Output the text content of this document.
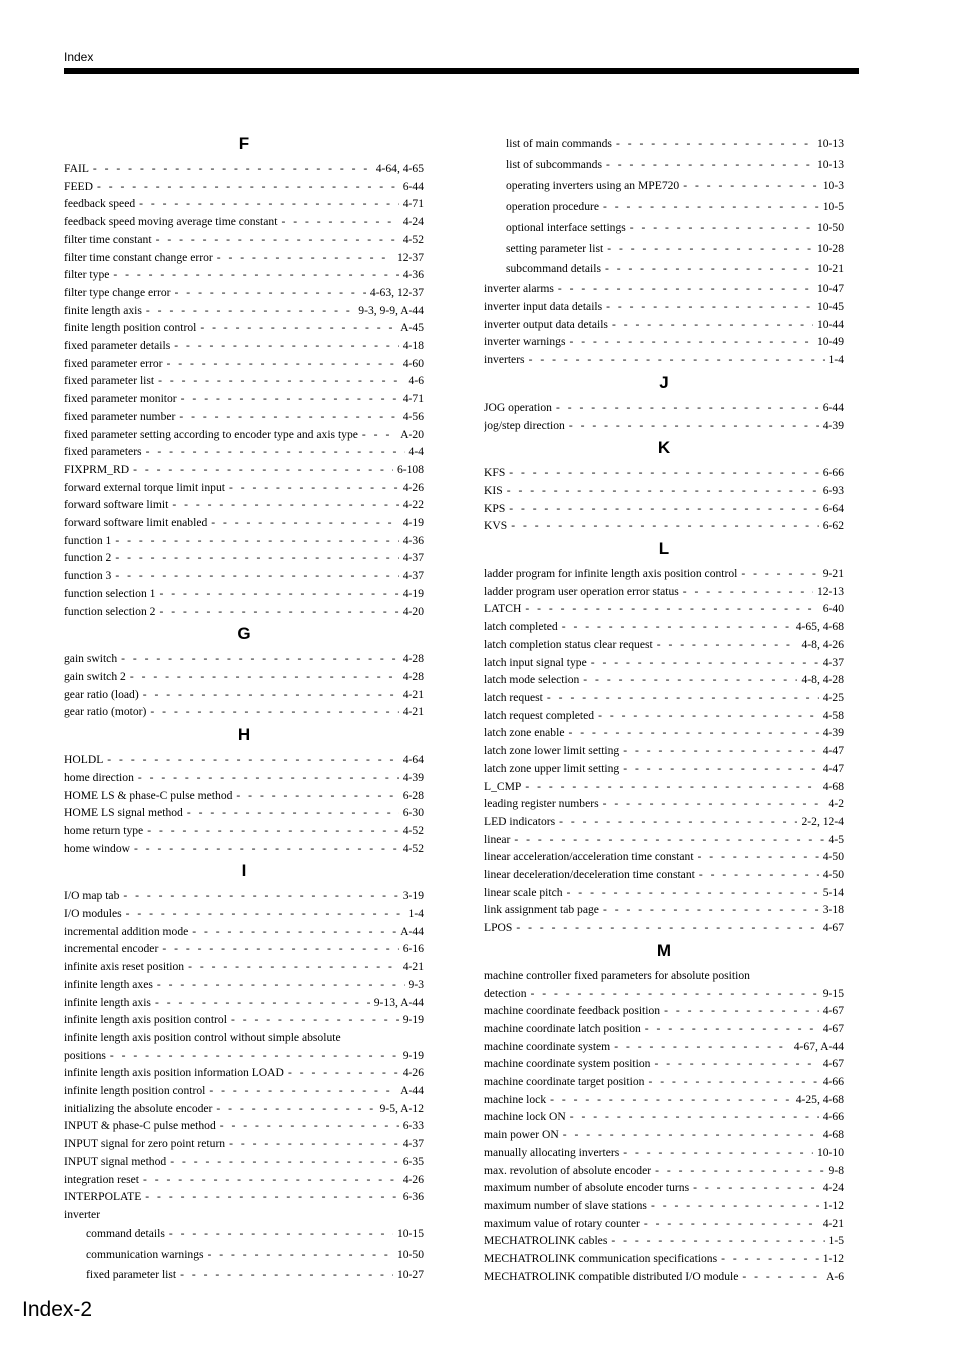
Index
F
FAIL - - -	4-64, 4-65
FEED - - -	6-44
feedback speed - - -	4-71
feedback speed moving average time constant - - -	4-24
filter time constant - - -	4-52
filter time constant change error - - -	12-37
filter type - - -	4-36
filter type change error - - -	4-63, 12-37
finite length axis - - -	9-3, 9-9, A-44
finite length position control - - -	A-45
fixed parameter details - - -	4-18
fixed parameter error - - -	4-60
fixed parameter list - - -	4-6
fixed parameter monitor - - -	4-71
fixed parameter number - - -	4-56
fixed parameter setting according to encoder type and axis type - - -	A-20
fixed parameters - - -	4-4
FIXPRM_RD - - -	6-108
forward external torque limit input - - -	4-26
forward software limit - - -	4-22
forward software limit enabled - - -	4-19
function 1 - - -	4-36
function 2 - - -	4-37
function 3 - - -	4-37
function selection 1 - - -	4-19
function selection 2 - - -	4-20
G
gain switch - - -	4-28
gain switch 2 - - -	4-28
gear ratio (load) - - -	4-21
gear ratio (motor) - - -	4-21
H
HOLDL - - -	4-64
home direction - - -	4-39
HOME LS & phase-C pulse method - - -	6-28
HOME LS signal method - - -	6-30
home return type - - -	4-52
home window - - -	4-52
I
I/O map tab - - -	3-19
I/O modules - - -	1-4
incremental addition mode - - -	A-44
incremental encoder - - -	6-16
infinite axis reset position - - -	4-21
infinite length axes - - -	9-3
infinite length axis - - -	9-13, A-44
infinite length axis position control - - -	9-19
infinite length axis position control without simple absolute
positions - - -	9-19
infinite length axis position information LOAD - - -	4-26
infinite length position control - - -	A-44
initializing the absolute encoder - - -	9-5, A-12
INPUT & phase-C pulse method - - -	6-33
INPUT signal for zero point return - - -	4-37
INPUT signal method - - -	6-35
integration reset - - -	4-26
INTERPOLATE - - -	6-36
inverter
command details - - -	10-15
communication warnings - - -	10-50
fixed parameter list - - -	10-27
list of main commands - - -	10-13
list of subcommands - - -	10-13
operating inverters using an MPE720 - - -	10-3
operation procedure - - -	10-5
optional interface settings - - -	10-50
setting parameter list - - -	10-28
subcommand details - - -	10-21
inverter alarms - - -	10-47
inverter input data details - - -	10-45
inverter output data details - - -	10-44
inverter warnings - - -	10-49
inverters - - -	1-4
J
JOG operation - - -	6-44
jog/step direction - - -	4-39
K
KFS - - -	6-66
KIS - - -	6-93
KPS - - -	6-64
KVS - - -	6-62
L
ladder program for infinite length axis position control - - -	9-21
ladder program user operation error status - - -	12-13
LATCH - - -	6-40
latch completed - - -	4-65, 4-68
latch completion status clear request - - -	4-8, 4-26
latch input signal type - - -	4-37
latch mode selection - - -	4-8, 4-28
latch request - - -	4-25
latch request completed - - -	4-58
latch zone enable - - -	4-39
latch zone lower limit setting - - -	4-47
latch zone upper limit setting - - -	4-47
L_CMP - - -	4-68
leading register numbers - - -	4-2
LED indicators - - -	2-2, 12-4
linear - - -	4-5
linear acceleration/acceleration time constant - - -	4-50
linear deceleration/deceleration time constant - - -	4-50
linear scale pitch - - -	5-14
link assignment tab page - - -	3-18
LPOS - - -	4-67
M
machine controller fixed parameters for absolute position
detection - - -	9-15
machine coordinate feedback position - - -	4-67
machine coordinate latch position - - -	4-67
machine coordinate system - - -	4-67, A-44
machine coordinate system position - - -	4-67
machine coordinate target position - - -	4-66
machine lock - - -	4-25, 4-68
machine lock ON - - -	4-66
main power ON - - -	4-68
manually allocating inverters - - -	10-10
max. revolution of absolute encoder - - -	9-8
maximum number of absolute encoder turns - - -	4-24
maximum number of slave stations - - -	1-12
maximum value of rotary counter - - -	4-21
MECHATROLINK cables - - -	1-5
MECHATROLINK communication specifications - - -	1-12
MECHATROLINK compatible distributed I/O module - - -	A-6
Index-2
